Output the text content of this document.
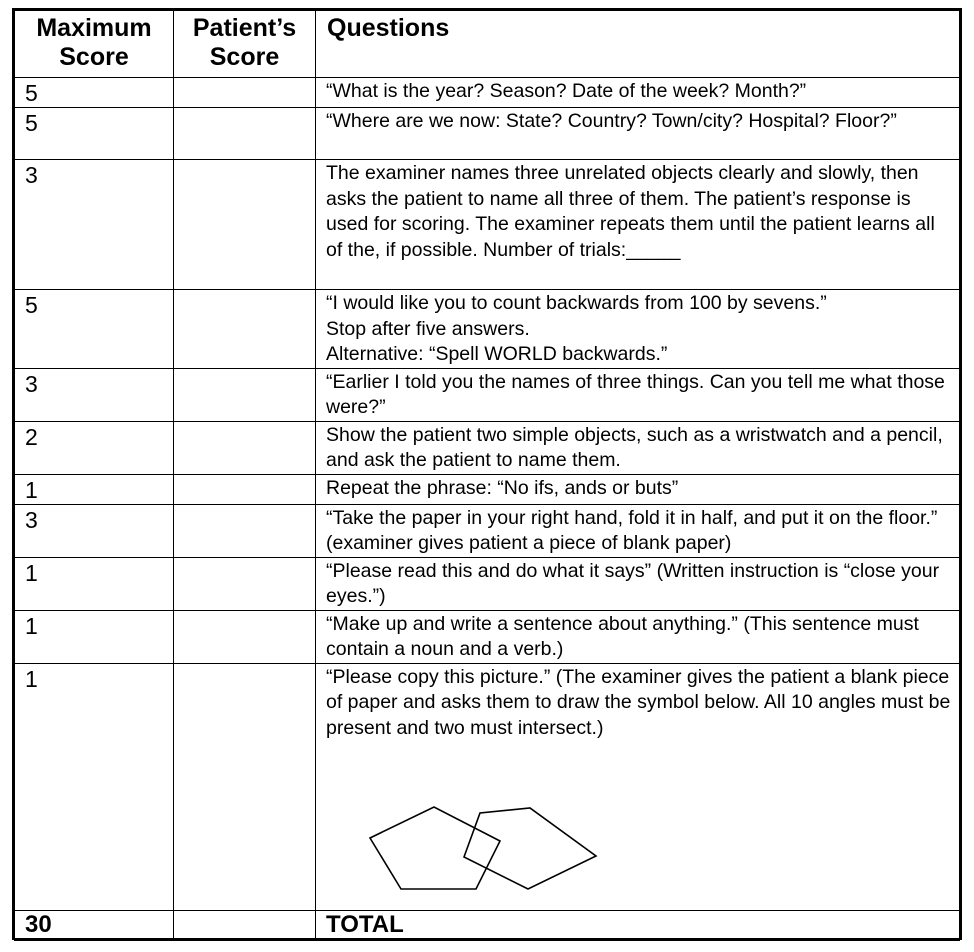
Maximum Score	Patient’s Score	Questions
5		“What is the year? Season? Date of the week? Month?”
5		“Where are we now: State? Country? Town/city? Hospital? Floor?”
3		The examiner names three unrelated objects clearly and slowly, then asks the patient to name all three of them. The patient’s response is used for scoring. The examiner repeats them until the patient learns all of the, if possible. Number of trials:_____
5		“I would like you to count backwards from 100 by sevens.”
Stop after five answers.
Alternative: “Spell WORLD backwards.”
3		“Earlier I told you the names of three things. Can you tell me what those were?”
2		Show the patient two simple objects, such as a wristwatch and a pencil, and ask the patient to name them.
1		Repeat the phrase: “No ifs, ands or buts”
3		“Take the paper in your right hand, fold it in half, and put it on the floor.” (examiner gives patient a piece of blank paper)
1		“Please read this and do what it says” (Written instruction is “close your eyes.”)
1		“Make up and write a sentence about anything.” (This sentence must contain a noun and a verb.)
1		“Please copy this picture.” (The examiner gives the patient a blank piece of paper and asks them to draw the symbol below. All 10 angles must be present and two must intersect.)

30		TOTAL
